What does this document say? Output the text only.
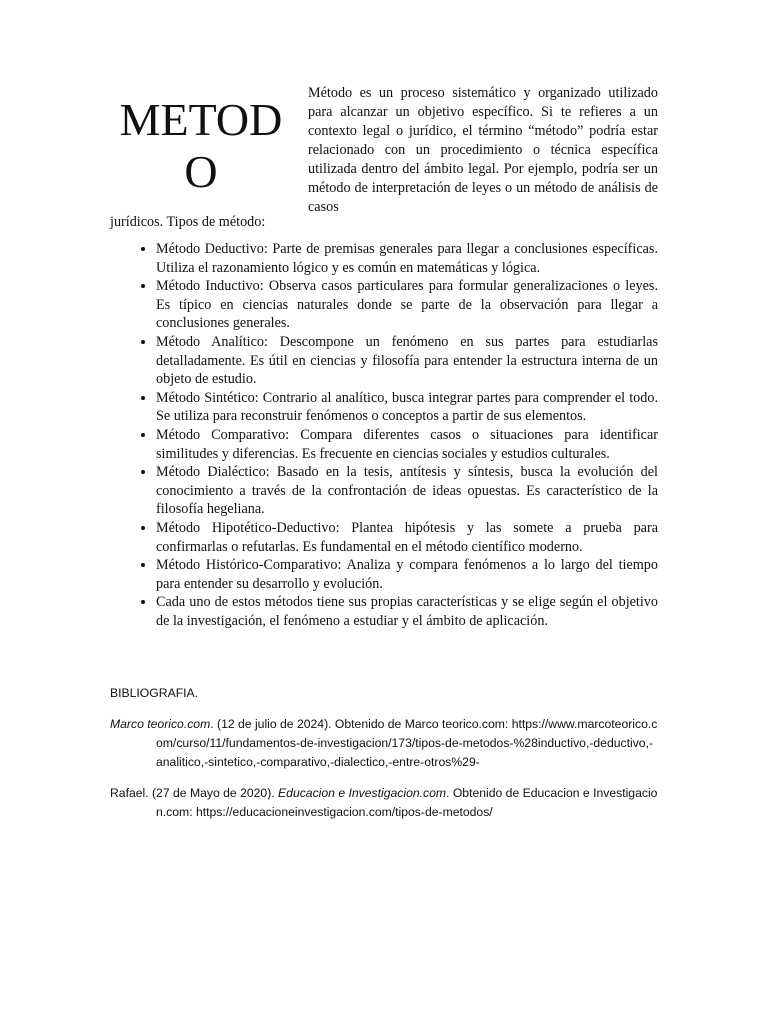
METOD
O

Método es un proceso sistemático y organizado utilizado para alcanzar un objetivo específico. Si te refieres a un contexto legal o jurídico, el término “método” podría estar relacionado con un procedimiento o técnica específica utilizada dentro del ámbito legal. Por ejemplo, podría ser un método de interpretación de leyes o un método de análisis de casos

jurídicos. Tipos de método:

• Método Deductivo: Parte de premisas generales para llegar a conclusiones específicas. Utiliza el razonamiento lógico y es común en matemáticas y lógica.
• Método Inductivo: Observa casos particulares para formular generalizaciones o leyes. Es típico en ciencias naturales donde se parte de la observación para llegar a conclusiones generales.
• Método Analítico: Descompone un fenómeno en sus partes para estudiarlas detalladamente. Es útil en ciencias y filosofía para entender la estructura interna de un objeto de estudio.
• Método Sintético: Contrario al analítico, busca integrar partes para comprender el todo. Se utiliza para reconstruir fenómenos o conceptos a partir de sus elementos.
• Método Comparativo: Compara diferentes casos o situaciones para identificar similitudes y diferencias. Es frecuente en ciencias sociales y estudios culturales.
• Método Dialéctico: Basado en la tesis, antítesis y síntesis, busca la evolución del conocimiento a través de la confrontación de ideas opuestas. Es característico de la filosofía hegeliana.
• Método Hipotético-Deductivo: Plantea hipótesis y las somete a prueba para confirmarlas o refutarlas. Es fundamental en el método científico moderno.
• Método Histórico-Comparativo: Analiza y compara fenómenos a lo largo del tiempo para entender su desarrollo y evolución.
• Cada uno de estos métodos tiene sus propias características y se elige según el objetivo de la investigación, el fenómeno a estudiar y el ámbito de aplicación.

BIBLIOGRAFIA.

Marco teorico.com. (12 de julio de 2024). Obtenido de Marco teorico.com: https://www.marcoteorico.com/curso/11/fundamentos-de-investigacion/173/tipos-de-metodos-%28inductivo,-deductivo,-analitico,-sintetico,-comparativo,-dialectico,-entre-otros%29-

Rafael. (27 de Mayo de 2020). Educacion e Investigacion.com. Obtenido de Educacion e Investigacion.com: https://educacioneinvestigacion.com/tipos-de-metodos/
